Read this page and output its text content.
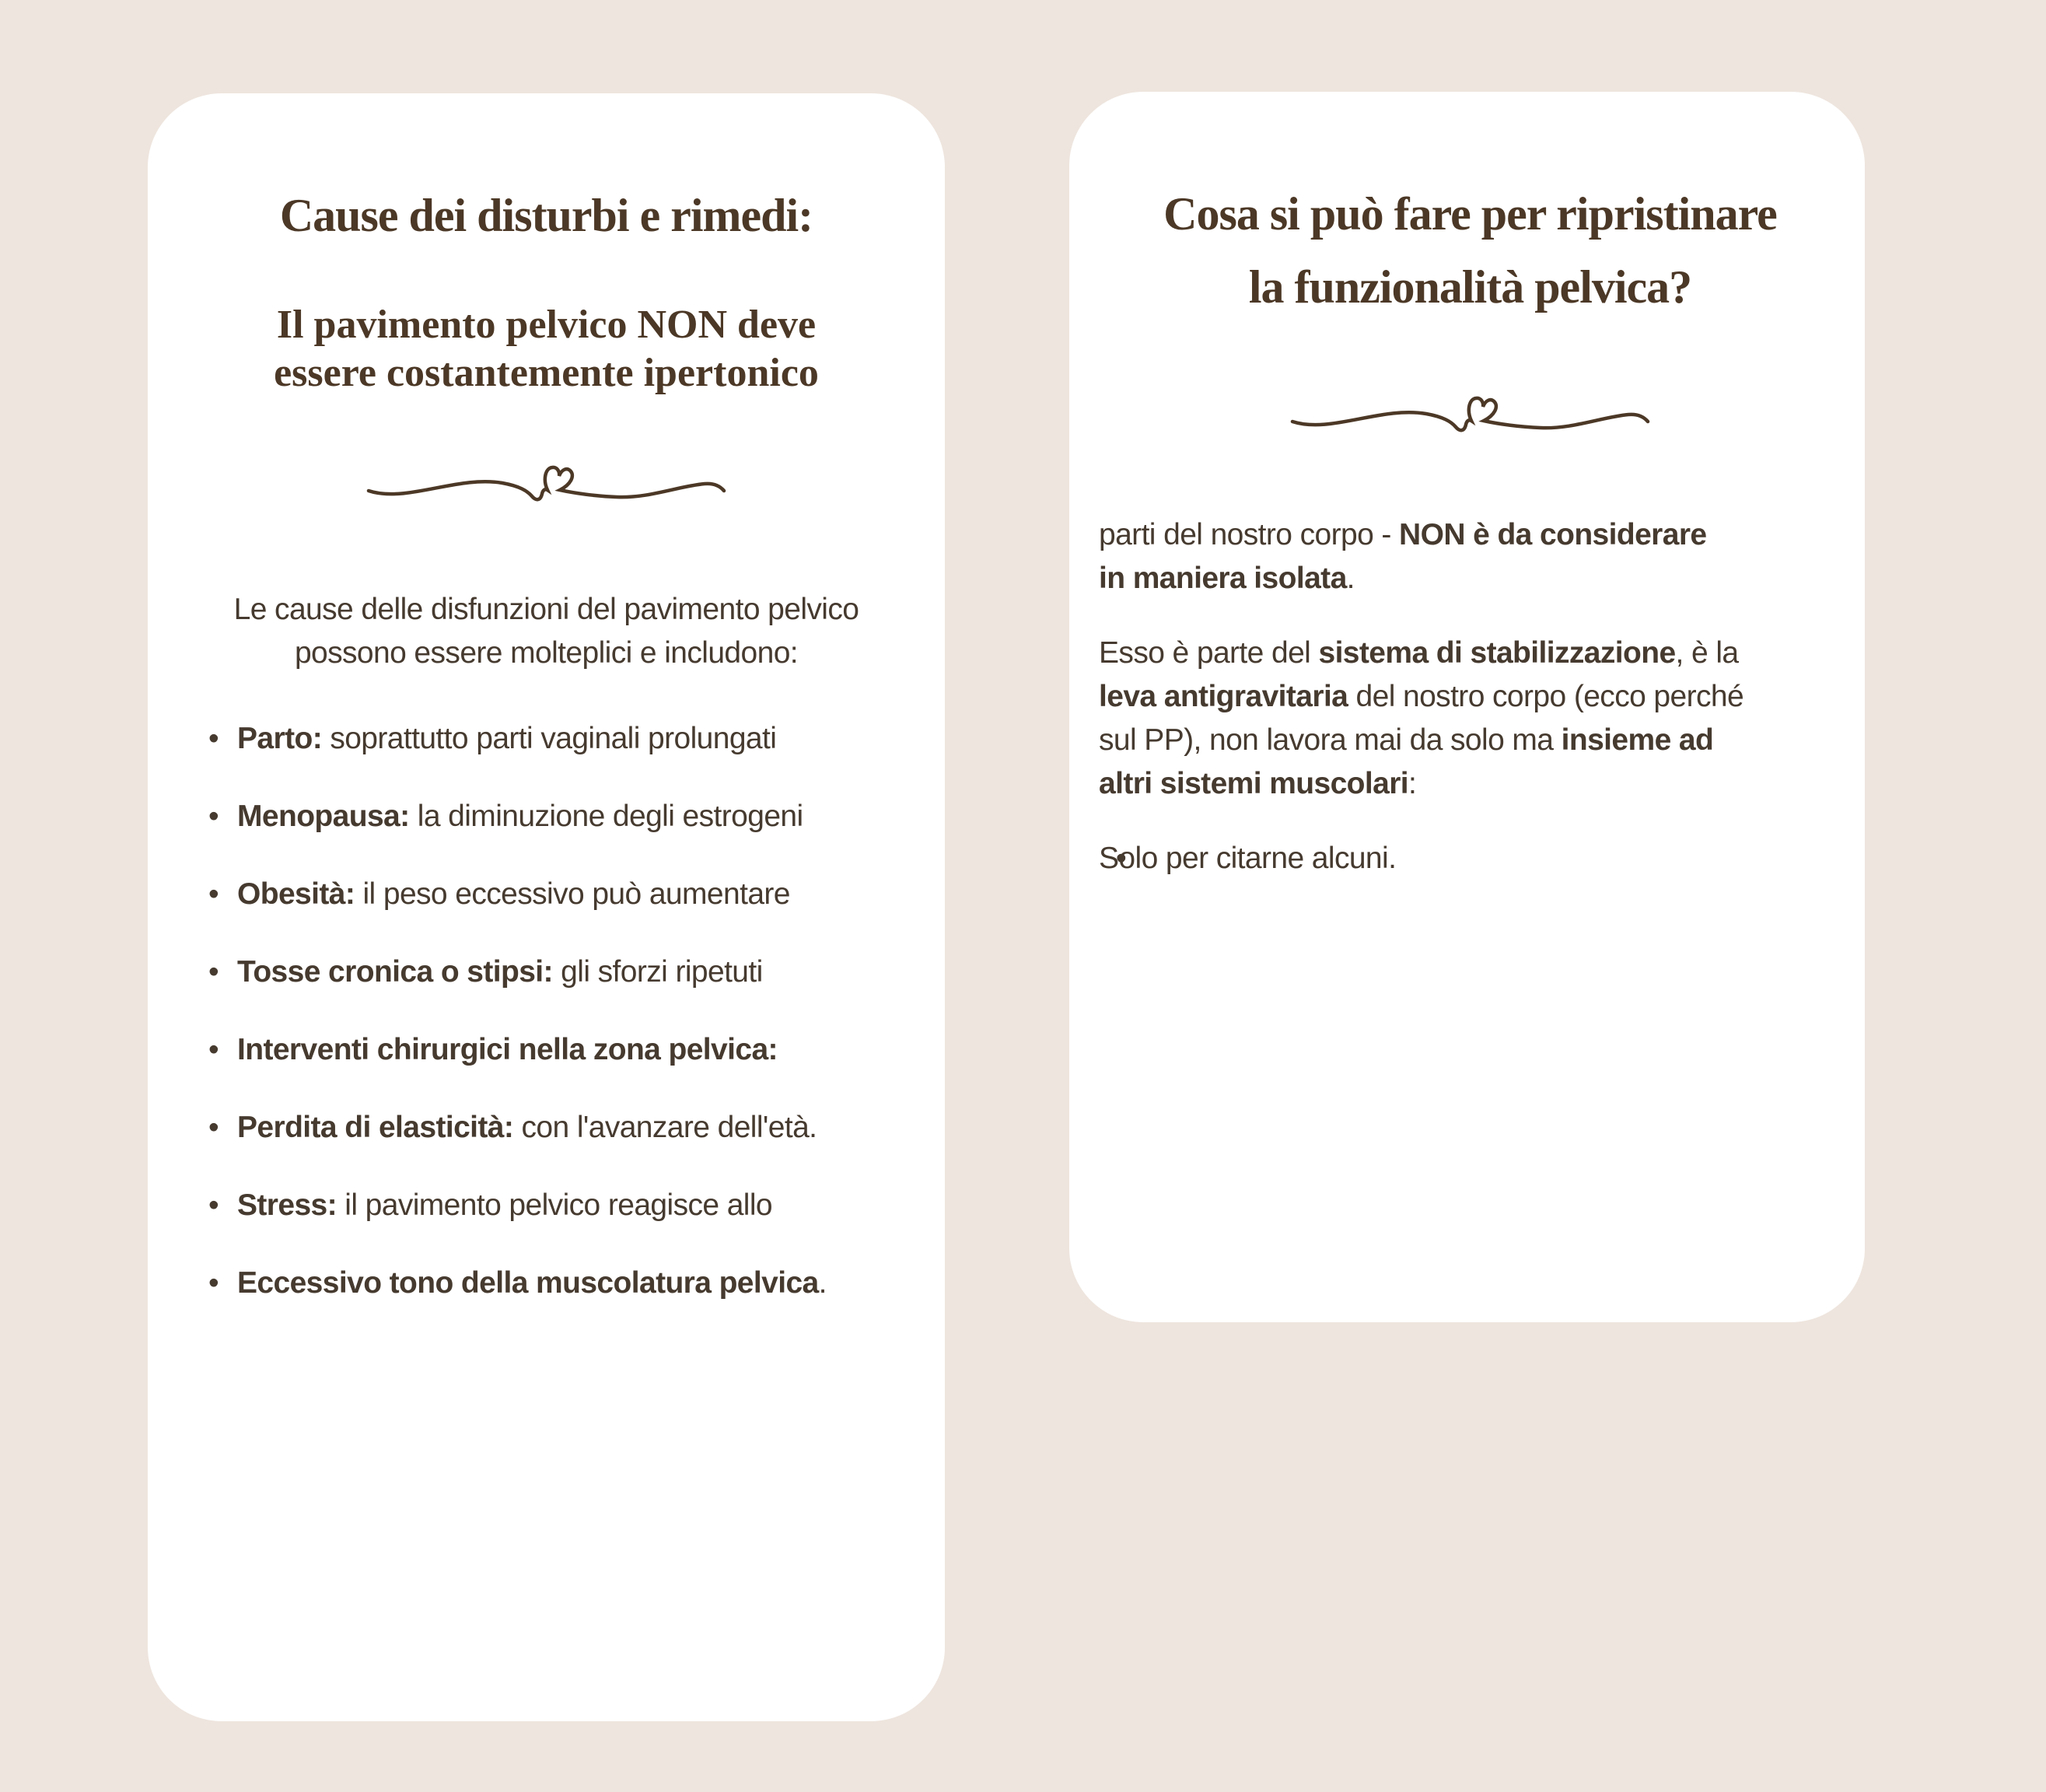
Cause dei disturbi e rimedi:
Il pavimento pelvico NON deve
essere costantemente ipertonico
Le cause delle disfunzioni del pavimento pelvico
possono essere molteplici e includono:
• Parto: soprattutto parti vaginali prolungati
• Menopausa: la diminuzione degli estrogeni
• Obesità: il peso eccessivo può aumentare
• Tosse cronica o stipsi: gli sforzi ripetuti
• Interventi chirurgici nella zona pelvica:
• Perdita di elasticità: con l'avanzare dell'età.
• Stress: il pavimento pelvico reagisce allo
• Eccessivo tono della muscolatura pelvica.
Cosa si può fare per ripristinare
la funzionalità pelvica?
parti del nostro corpo - NON è da considerare
in maniera isolata.
Esso è parte del sistema di stabilizzazione, è la
leva antigravitaria del nostro corpo (ecco perché
sul PP), non lavora mai da solo ma insieme ad
altri sistemi muscolari:
Solo per citarne alcuni.
